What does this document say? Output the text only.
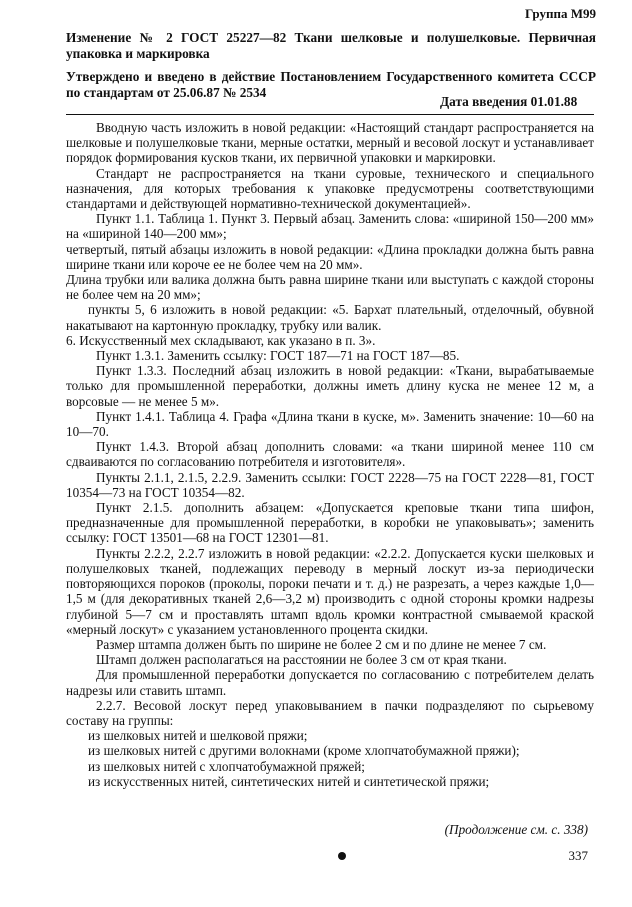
Группа М99
Изменение № 2 ГОСТ 25227—82 Ткани шелковые и полушелковые. Первичная упаковка и маркировка
Утверждено и введено в действие Постановлением Государственного комитета СССР по стандартам от 25.06.87 № 2534
Дата введения 01.01.88

Вводную часть изложить в новой редакции: «Настоящий стандарт распространяется на шелковые и полушелковые ткани, мерные остатки, мерный и весовой лоскут и устанавливает порядок формирования кусков ткани, их первичной упаковки и маркировки.

Стандарт не распространяется на ткани суровые, технического и специального назначения, для которых требования к упаковке предусмотрены соответствующими стандартами и действующей нормативно-технической документацией».

Пункт 1.1. Таблица 1. Пункт 3. Первый абзац. Заменить слова: «шириной 150—200 мм» на «шириной 140—200 мм»;

четвертый, пятый абзацы изложить в новой редакции: «Длина прокладки должна быть равна ширине ткани или короче ее не более чем на 20 мм».

Длина трубки или валика должна быть равна ширине ткани или выступать с каждой стороны не более чем на 20 мм»;

пункты 5, 6 изложить в новой редакции: «5. Бархат плательный, отделочный, обувной накатывают на картонную прокладку, трубку или валик.

6. Искусственный мех складывают, как указано в п. 3».

Пункт 1.3.1. Заменить ссылку: ГОСТ 187—71 на ГОСТ 187—85.

Пункт 1.3.3. Последний абзац изложить в новой редакции: «Ткани, вырабатываемые только для промышленной переработки, должны иметь длину куска не менее 12 м, а ворсовые — не менее 5 м».

Пункт 1.4.1. Таблица 4. Графа «Длина ткани в куске, м». Заменить значение: 10—60 на 10—70.

Пункт 1.4.3. Второй абзац дополнить словами: «а ткани шириной менее 110 см сдваиваются по согласованию потребителя и изготовителя».

Пункты 2.1.1, 2.1.5, 2.2.9. Заменить ссылки: ГОСТ 2228—75 на ГОСТ 2228—81, ГОСТ 10354—73 на ГОСТ 10354—82.

Пункт 2.1.5. дополнить абзацем: «Допускается креповые ткани типа шифон, предназначенные для промышленной переработки, в коробки не упаковывать»; заменить ссылку: ГОСТ 13501—68 на ГОСТ 12301—81.

Пункты 2.2.2, 2.2.7 изложить в новой редакции: «2.2.2. Допускается куски шелковых и полушелковых тканей, подлежащих переводу в мерный лоскут из-за периодически повторяющихся пороков (проколы, пороки печати и т. д.) не разрезать, а через каждые 1,0—1,5 м (для декоративных тканей 2,6—3,2 м) производить с одной стороны кромки надрезы глубиной 5—7 см и проставлять штамп вдоль кромки контрастной смываемой краской «мерный лоскут» с указанием установленного процента скидки.

Размер штампа должен быть по ширине не более 2 см и по длине не менее 7 см.

Штамп должен располагаться на расстоянии не более 3 см от края ткани.

Для промышленной переработки допускается по согласованию с потребителем делать надрезы или ставить штамп.

2.2.7. Весовой лоскут перед упаковыванием в пачки подразделяют по сырьевому составу на группы:

из шелковых нитей и шелковой пряжи;

из шелковых нитей с другими волокнами (кроме хлопчатобумажной пряжи);

из шелковых нитей с хлопчатобумажной пряжей;

из искусственных нитей, синтетических нитей и синтетической пряжи;

(Продолжение см. с. 338)
337
